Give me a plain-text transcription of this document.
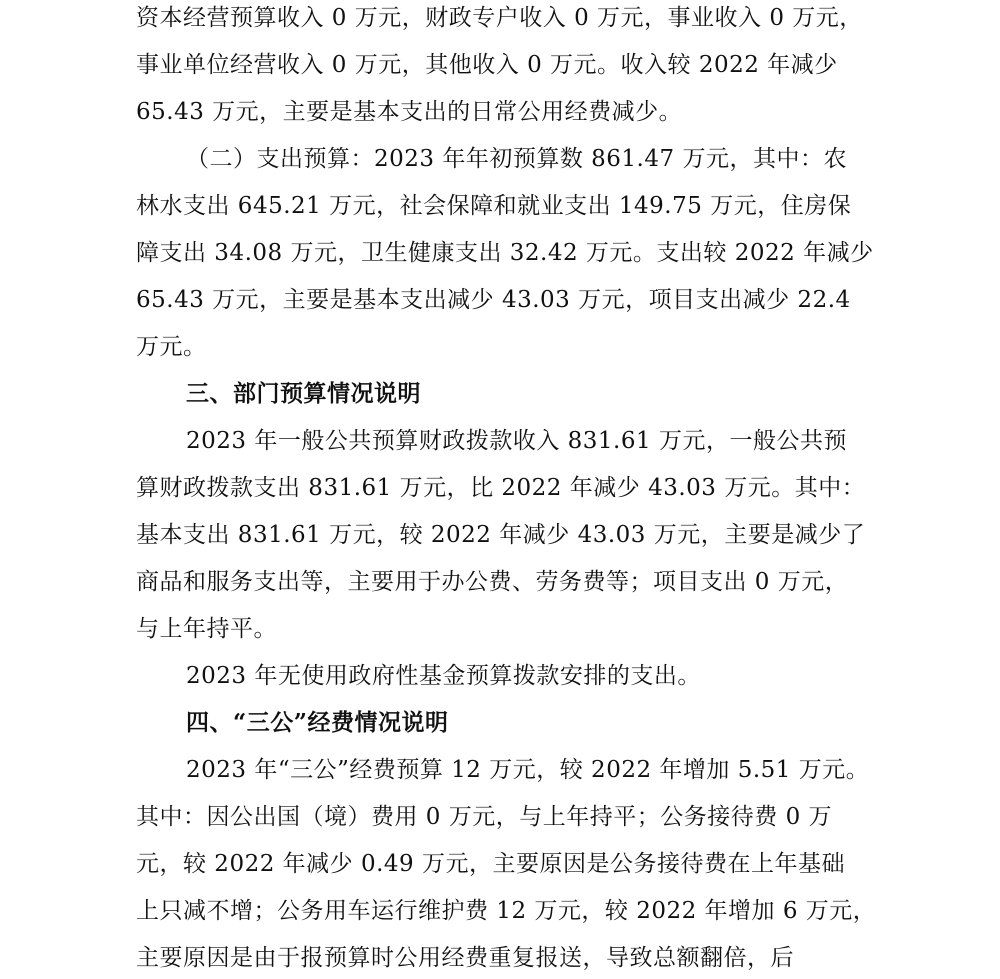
资本经营预算收入 0 万元，财政专户收入 0 万元，事业收入 0 万元，
事业单位经营收入 0 万元，其他收入 0 万元。收入较 2022 年减少
65.43 万元，主要是基本支出的日常公用经费减少。
（二）支出预算：2023 年年初预算数 861.47 万元，其中：农
林水支出 645.21 万元，社会保障和就业支出 149.75 万元，住房保
障支出 34.08 万元，卫生健康支出 32.42 万元。支出较 2022 年减少
65.43 万元，主要是基本支出减少 43.03 万元，项目支出减少 22.4
万元。
三、部门预算情况说明
2023 年一般公共预算财政拨款收入 831.61 万元，一般公共预
算财政拨款支出 831.61 万元，比 2022 年减少 43.03 万元。其中：
基本支出 831.61 万元，较 2022 年减少 43.03 万元，主要是减少了
商品和服务支出等，主要用于办公费、劳务费等；项目支出 0 万元，
与上年持平。
2023 年无使用政府性基金预算拨款安排的支出。
四、“三公”经费情况说明
2023 年“三公”经费预算 12 万元，较 2022 年增加 5.51 万元。
其中：因公出国（境）费用 0 万元，与上年持平；公务接待费 0 万
元，较 2022 年减少 0.49 万元，主要原因是公务接待费在上年基础
上只减不增；公务用车运行维护费 12 万元，较 2022 年增加 6 万元，
主要原因是由于报预算时公用经费重复报送，导致总额翻倍，后
